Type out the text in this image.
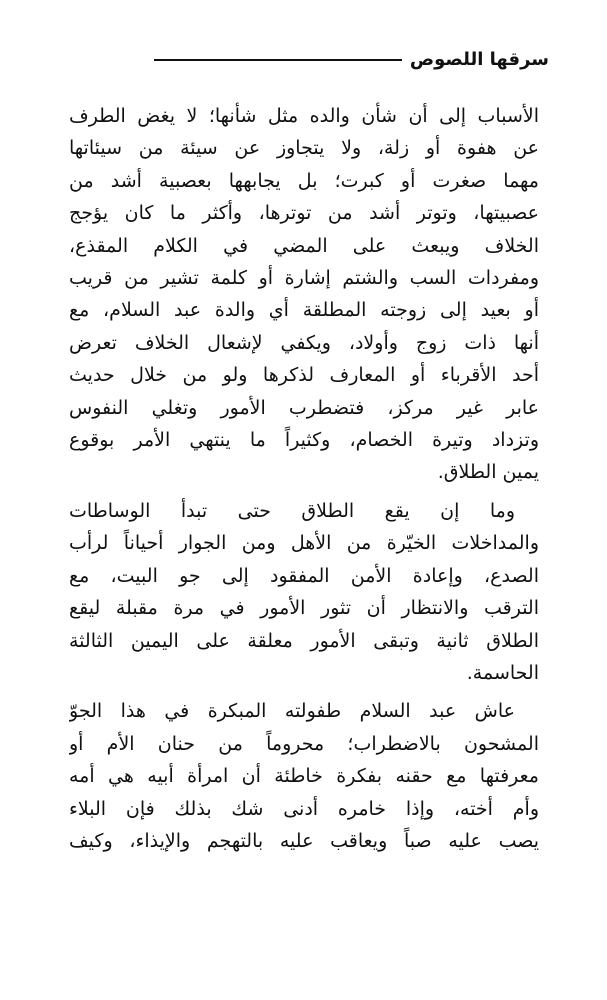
سرقها اللصوص

الأسباب إلى أن شأن والده مثل شأنها؛ لا يغض الطرف
عن هفوة أو زلة، ولا يتجاوز عن سيئة من سيئاتها
مهما صغرت أو كبرت؛ بل يجابهها بعصبية أشد من
عصبيتها، وتوتر أشد من توترها، وأكثر ما كان يؤجج
الخلاف ويبعث على المضي في الكلام المقذع،
ومفردات السب والشتم إشارة أو كلمة تشير من قريب
أو بعيد إلى زوجته المطلقة أي والدة عبد السلام، مع
أنها ذات زوج وأولاد، ويكفي لإشعال الخلاف تعرض
أحد الأقرباء أو المعارف لذكرها ولو من خلال حديث
عابر غير مركز، فتضطرب الأمور وتغلي النفوس
وتزداد وتيرة الخصام، وكثيراً ما ينتهي الأمر بوقوع
يمين الطلاق.

وما إن يقع الطلاق حتى تبدأ الوساطات
والمداخلات الخيّرة من الأهل ومن الجوار أحياناً لرأب
الصدع، وإعادة الأمن المفقود إلى جو البيت، مع
الترقب والانتظار أن تثور الأمور في مرة مقبلة ليقع
الطلاق ثانية وتبقى الأمور معلقة على اليمين الثالثة
الحاسمة.

عاش عبد السلام طفولته المبكرة في هذا الجوّ
المشحون بالاضطراب؛ محروماً من حنان الأم أو
معرفتها مع حقنه بفكرة خاطئة أن امرأة أبيه هي أمه
وأم أخته، وإذا خامره أدنى شك بذلك فإن البلاء
يصب عليه صباً ويعاقب عليه بالتهجم والإيذاء، وكيف
